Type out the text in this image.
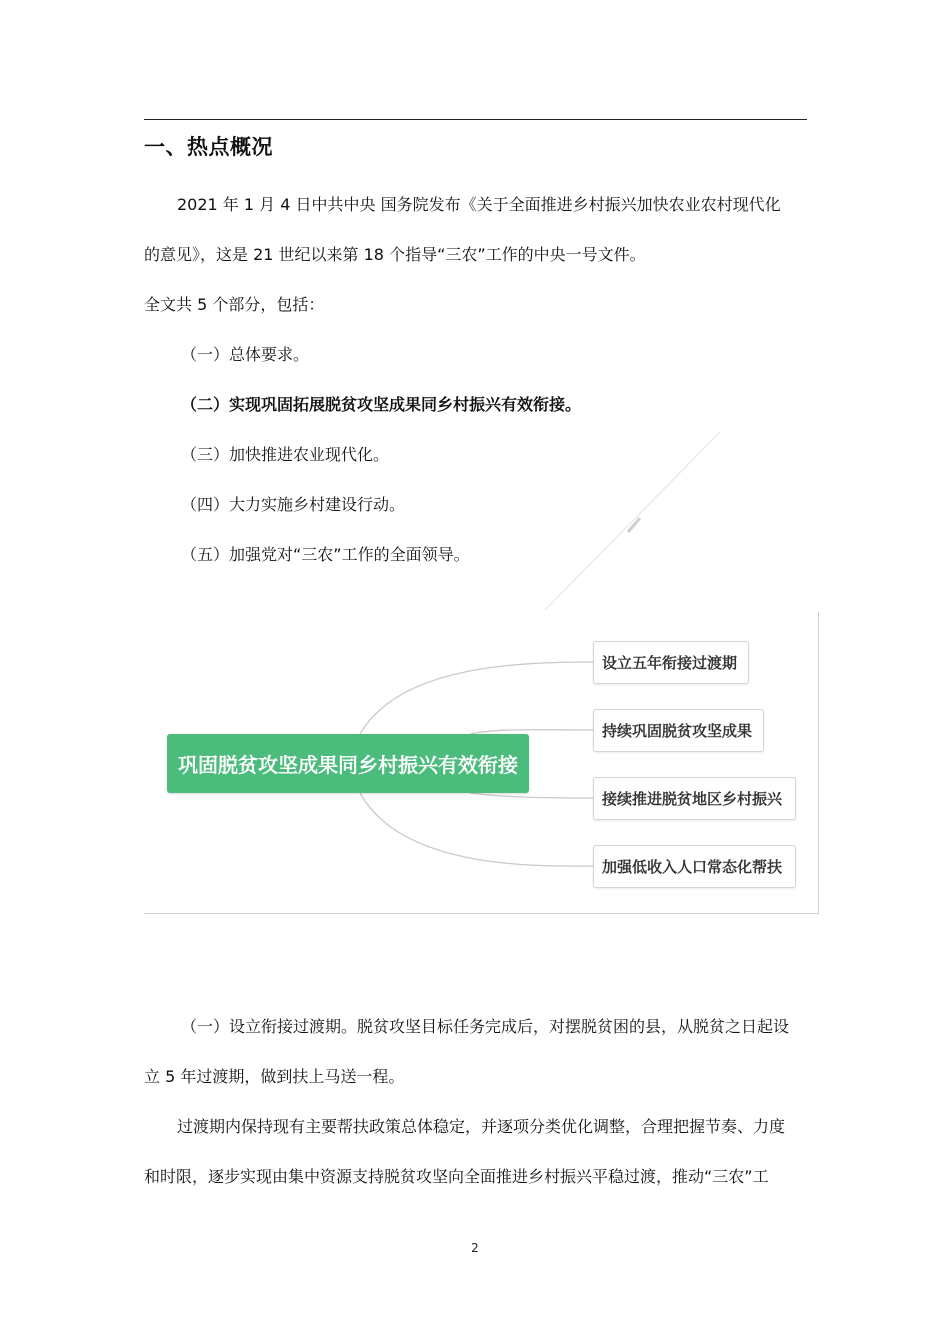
一、热点概况
2021 年 1 月 4 日中共中央 国务院发布《关于全面推进乡村振兴加快农业农村现代化
的意见》，这是 21 世纪以来第 18 个指导“三农”工作的中央一号文件。
全文共 5 个部分，包括：
（一）总体要求。
（二）实现巩固拓展脱贫攻坚成果同乡村振兴有效衔接。
（三）加快推进农业现代化。
（四）大力实施乡村建设行动。
（五）加强党对“三农”工作的全面领导。
巩固脱贫攻坚成果同乡村振兴有效衔接
设立五年衔接过渡期
持续巩固脱贫攻坚成果
接续推进脱贫地区乡村振兴
加强低收入人口常态化帮扶
（一）设立衔接过渡期。脱贫攻坚目标任务完成后，对摆脱贫困的县，从脱贫之日起设
立 5 年过渡期，做到扶上马送一程。
过渡期内保持现有主要帮扶政策总体稳定，并逐项分类优化调整，合理把握节奏、力度
和时限，逐步实现由集中资源支持脱贫攻坚向全面推进乡村振兴平稳过渡，推动“三农”工
2
